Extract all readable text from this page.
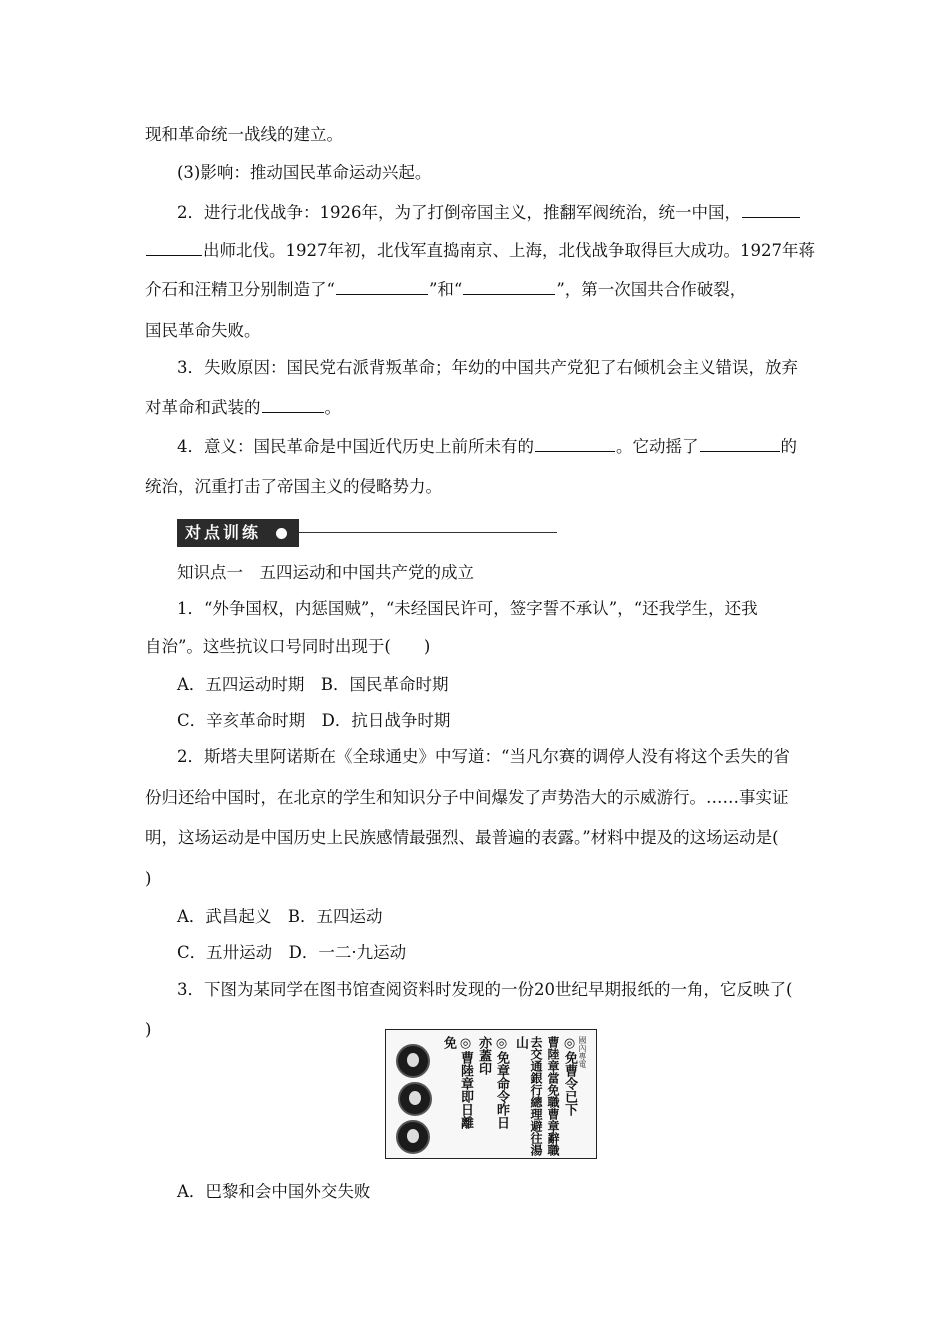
现和革命统一战线的建立。
(3)影响：推动国民革命运动兴起。
2．进行北伐战争：1926年，为了打倒帝国主义，推翻军阀统治，统一中国，
出师北伐。1927年初，北伐军直捣南京、上海，北伐战争取得巨大成功。1927年蒋
介石和汪精卫分别制造了“	”和“	”，第一次国共合作破裂，
国民革命失败。
3．失败原因：国民党右派背叛革命；年幼的中国共产党犯了右倾机会主义错误，放弃
对革命和武装的	。
4．意义：国民革命是中国近代历史上前所未有的	。它动摇了	的
统治，沉重打击了帝国主义的侵略势力。
对点训练
知识点一　五四运动和中国共产党的成立
1．“外争国权，内惩国贼”，“未经国民许可，签字誓不承认”，“还我学生，还我
自治”。这些抗议口号同时出现于(　　)
A．五四运动时期　B．国民革命时期
C．辛亥革命时期　D．抗日战争时期
2．斯塔夫里阿诺斯在《全球通史》中写道：“当凡尔赛的调停人没有将这个丢失的省
份归还给中国时，在北京的学生和知识分子中间爆发了声势浩大的示威游行。……事实证
明，这场运动是中国历史上民族感情最强烈、最普遍的表露。”材料中提及的这场运动是(
)
A．武昌起义　B．五四运动
C．五卅运动　D．一二·九运动
3．下图为某同学在图书馆查阅资料时发现的一份20世纪早期报纸的一角，它反映了(
)
國內專電
◎免曹令已下
曹陸章當免職曹章辭職
去交通銀行總理避往湯
山
◎免章命令昨日
亦蓋印
◎曹陸章即日離
免
A．巴黎和会中国外交失败
